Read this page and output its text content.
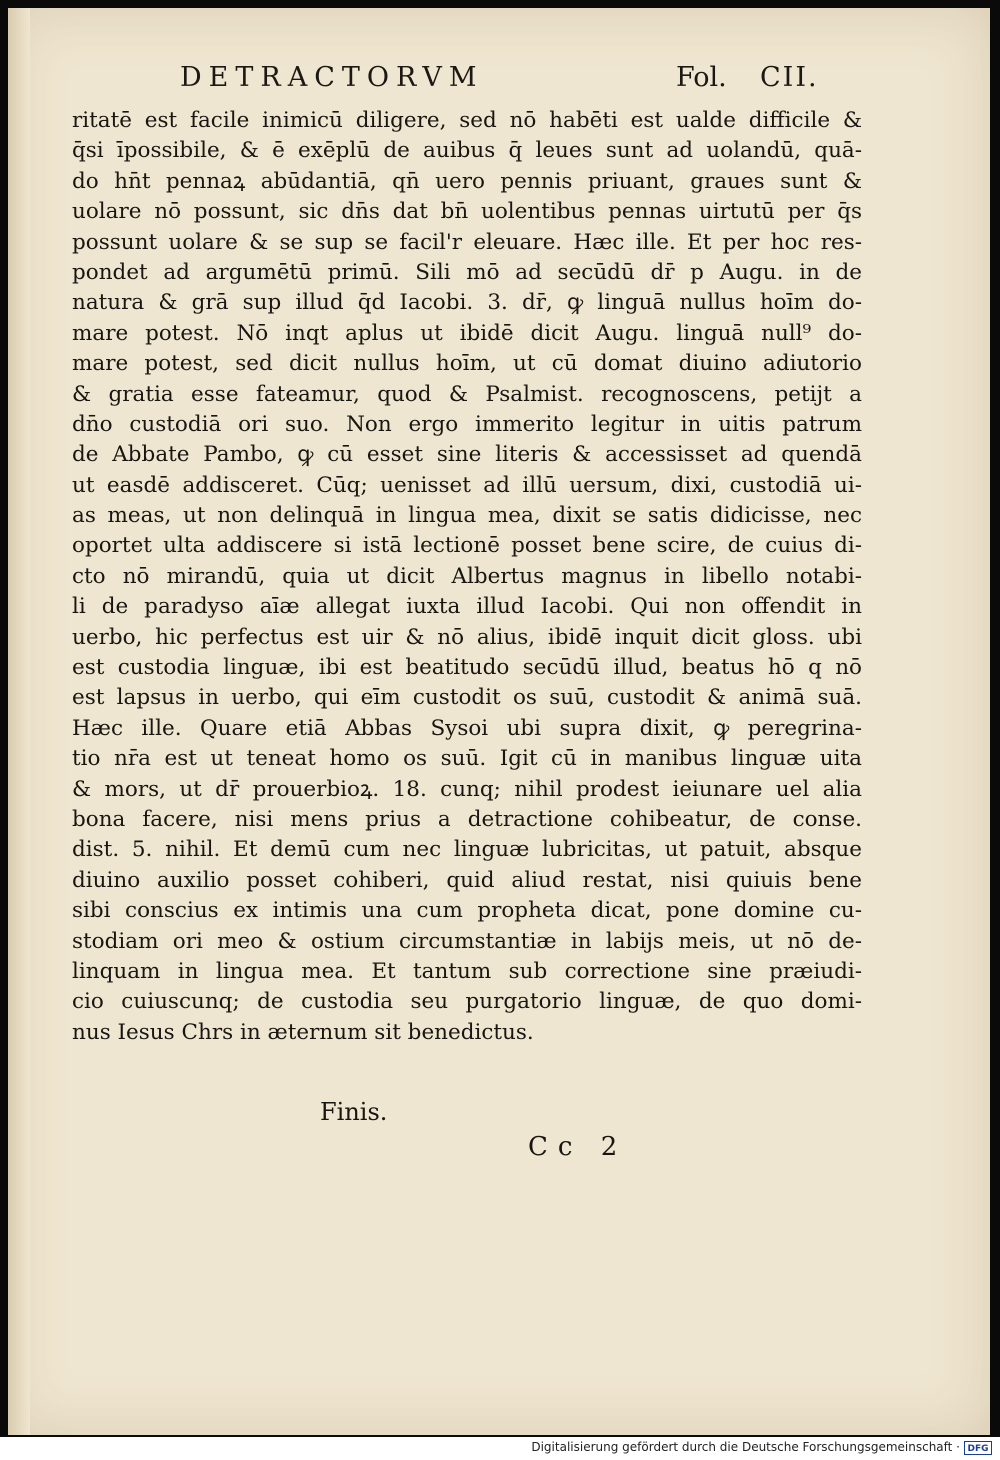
DETRACTORVM	Fol. CII.
ritatē est facile inimicū diligere, sed nō habēti est ualde difficile &
q̄si īpossibile, & ē exēplū de auibus q̄ leues sunt ad uolandū, quā-
do hn̄t pennaꝝ abūdantiā, qn̄ uero pennis priuant, graues sunt &
uolare nō possunt, sic dn̄s dat bn̄ uolentibus pennas uirtutū per q̄s
possunt uolare & se sup se facil'r eleuare. Hæc ille. Et per hoc res-
pondet ad argumētū primū. Sili mō ad secūdū dr̄ p Augu. in de
natura & grā sup illud q̄d Iacobi. 3. dr̄, ꝙ linguā nullus hoīm do-
mare potest. Nō inqt aplus ut ibidē dicit Augu. linguā null⁹ do-
mare potest, sed dicit nullus hoīm, ut cū domat diuino adiutorio
& gratia esse fateamur, quod & Psalmist. recognoscens, petijt a
dn̄o custodiā ori suo. Non ergo immerito legitur in uitis patrum
de Abbate Pambo, ꝙ cū esset sine literis & accessisset ad quendā
ut easdē addisceret. Cūq; uenisset ad illū uersum, dixi, custodiā ui-
as meas, ut non delinquā in lingua mea, dixit se satis didicisse, nec
oportet ulta addiscere si istā lectionē posset bene scire, de cuius di-
cto nō mirandū, quia ut dicit Albertus magnus in libello notabi-
li de paradyso aīæ allegat iuxta illud Iacobi. Qui non offendit in
uerbo, hic perfectus est uir & nō alius, ibidē inquit dicit gloss. ubi
est custodia linguæ, ibi est beatitudo secūdū illud, beatus hō q nō
est lapsus in uerbo, qui eīm custodit os suū, custodit & animā suā.
Hæc ille. Quare etiā Abbas Sysoi ubi supra dixit, ꝙ peregrina-
tio nr̄a est ut teneat homo os suū. Igit cū in manibus linguæ uita
& mors, ut dr̄ prouerbioꝝ. 18. cunq; nihil prodest ieiunare uel alia
bona facere, nisi mens prius a detractione cohibeatur, de conse.
dist. 5. nihil. Et demū cum nec linguæ lubricitas, ut patuit, absque
diuino auxilio posset cohiberi, quid aliud restat, nisi quiuis bene
sibi conscius ex intimis una cum propheta dicat, pone domine cu-
stodiam ori meo & ostium circumstantiæ in labijs meis, ut nō de-
linquam in lingua mea. Et tantum sub correctione sine præiudi-
cio cuiuscunq; de custodia seu purgatorio linguæ, de quo domi-
nus Iesus Chrs in æternum sit benedictus.
Finis.
Cc 2
Digitalisierung gefördert durch die Deutsche Forschungsgemeinschaft · DFG
